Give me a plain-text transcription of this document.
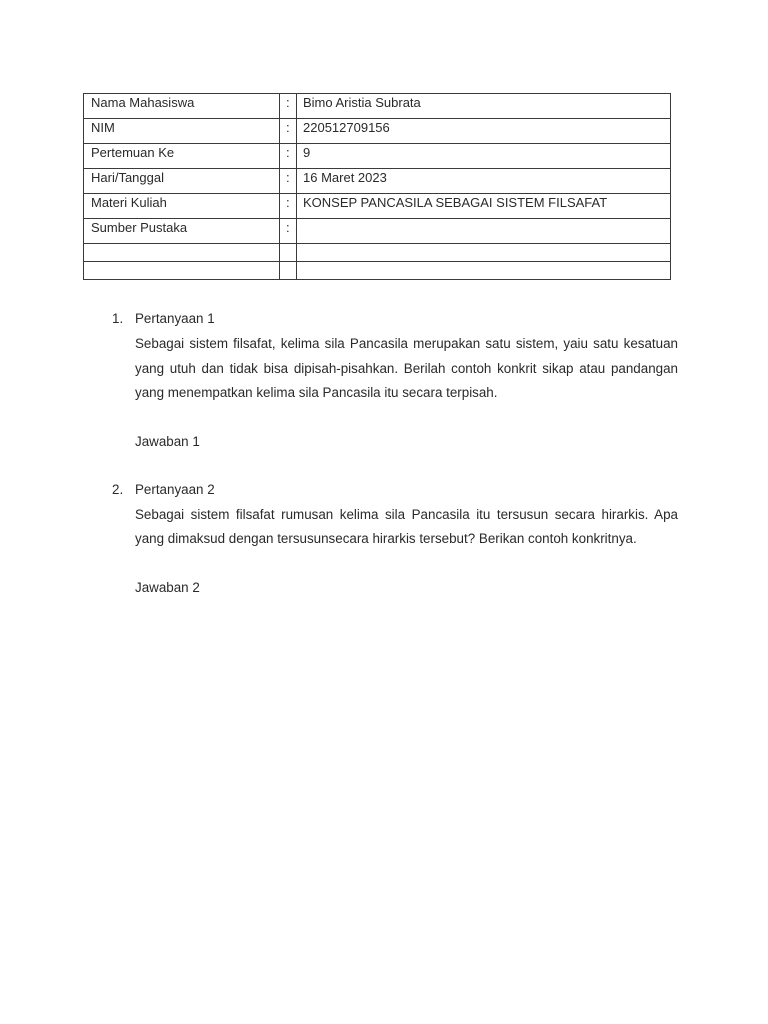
Nama Mahasiswa	:	Bimo Aristia Subrata
NIM	:	220512709156
Pertemuan Ke	:	9
Hari/Tanggal	:	16 Maret 2023
Materi Kuliah	:	KONSEP PANCASILA SEBAGAI SISTEM FILSAFAT
Sumber Pustaka	:	

1. Pertanyaan 1

Sebagai sistem filsafat, kelima sila Pancasila merupakan satu sistem, yaiu satu kesatuan yang utuh dan tidak bisa dipisah-pisahkan. Berilah contoh konkrit sikap atau pandangan yang menempatkan kelima sila Pancasila itu secara terpisah.

Jawaban 1

2. Pertanyaan 2

Sebagai sistem filsafat rumusan kelima sila Pancasila itu tersusun secara hirarkis. Apa yang dimaksud dengan tersusunsecara hirarkis tersebut? Berikan contoh konkritnya.

Jawaban 2
